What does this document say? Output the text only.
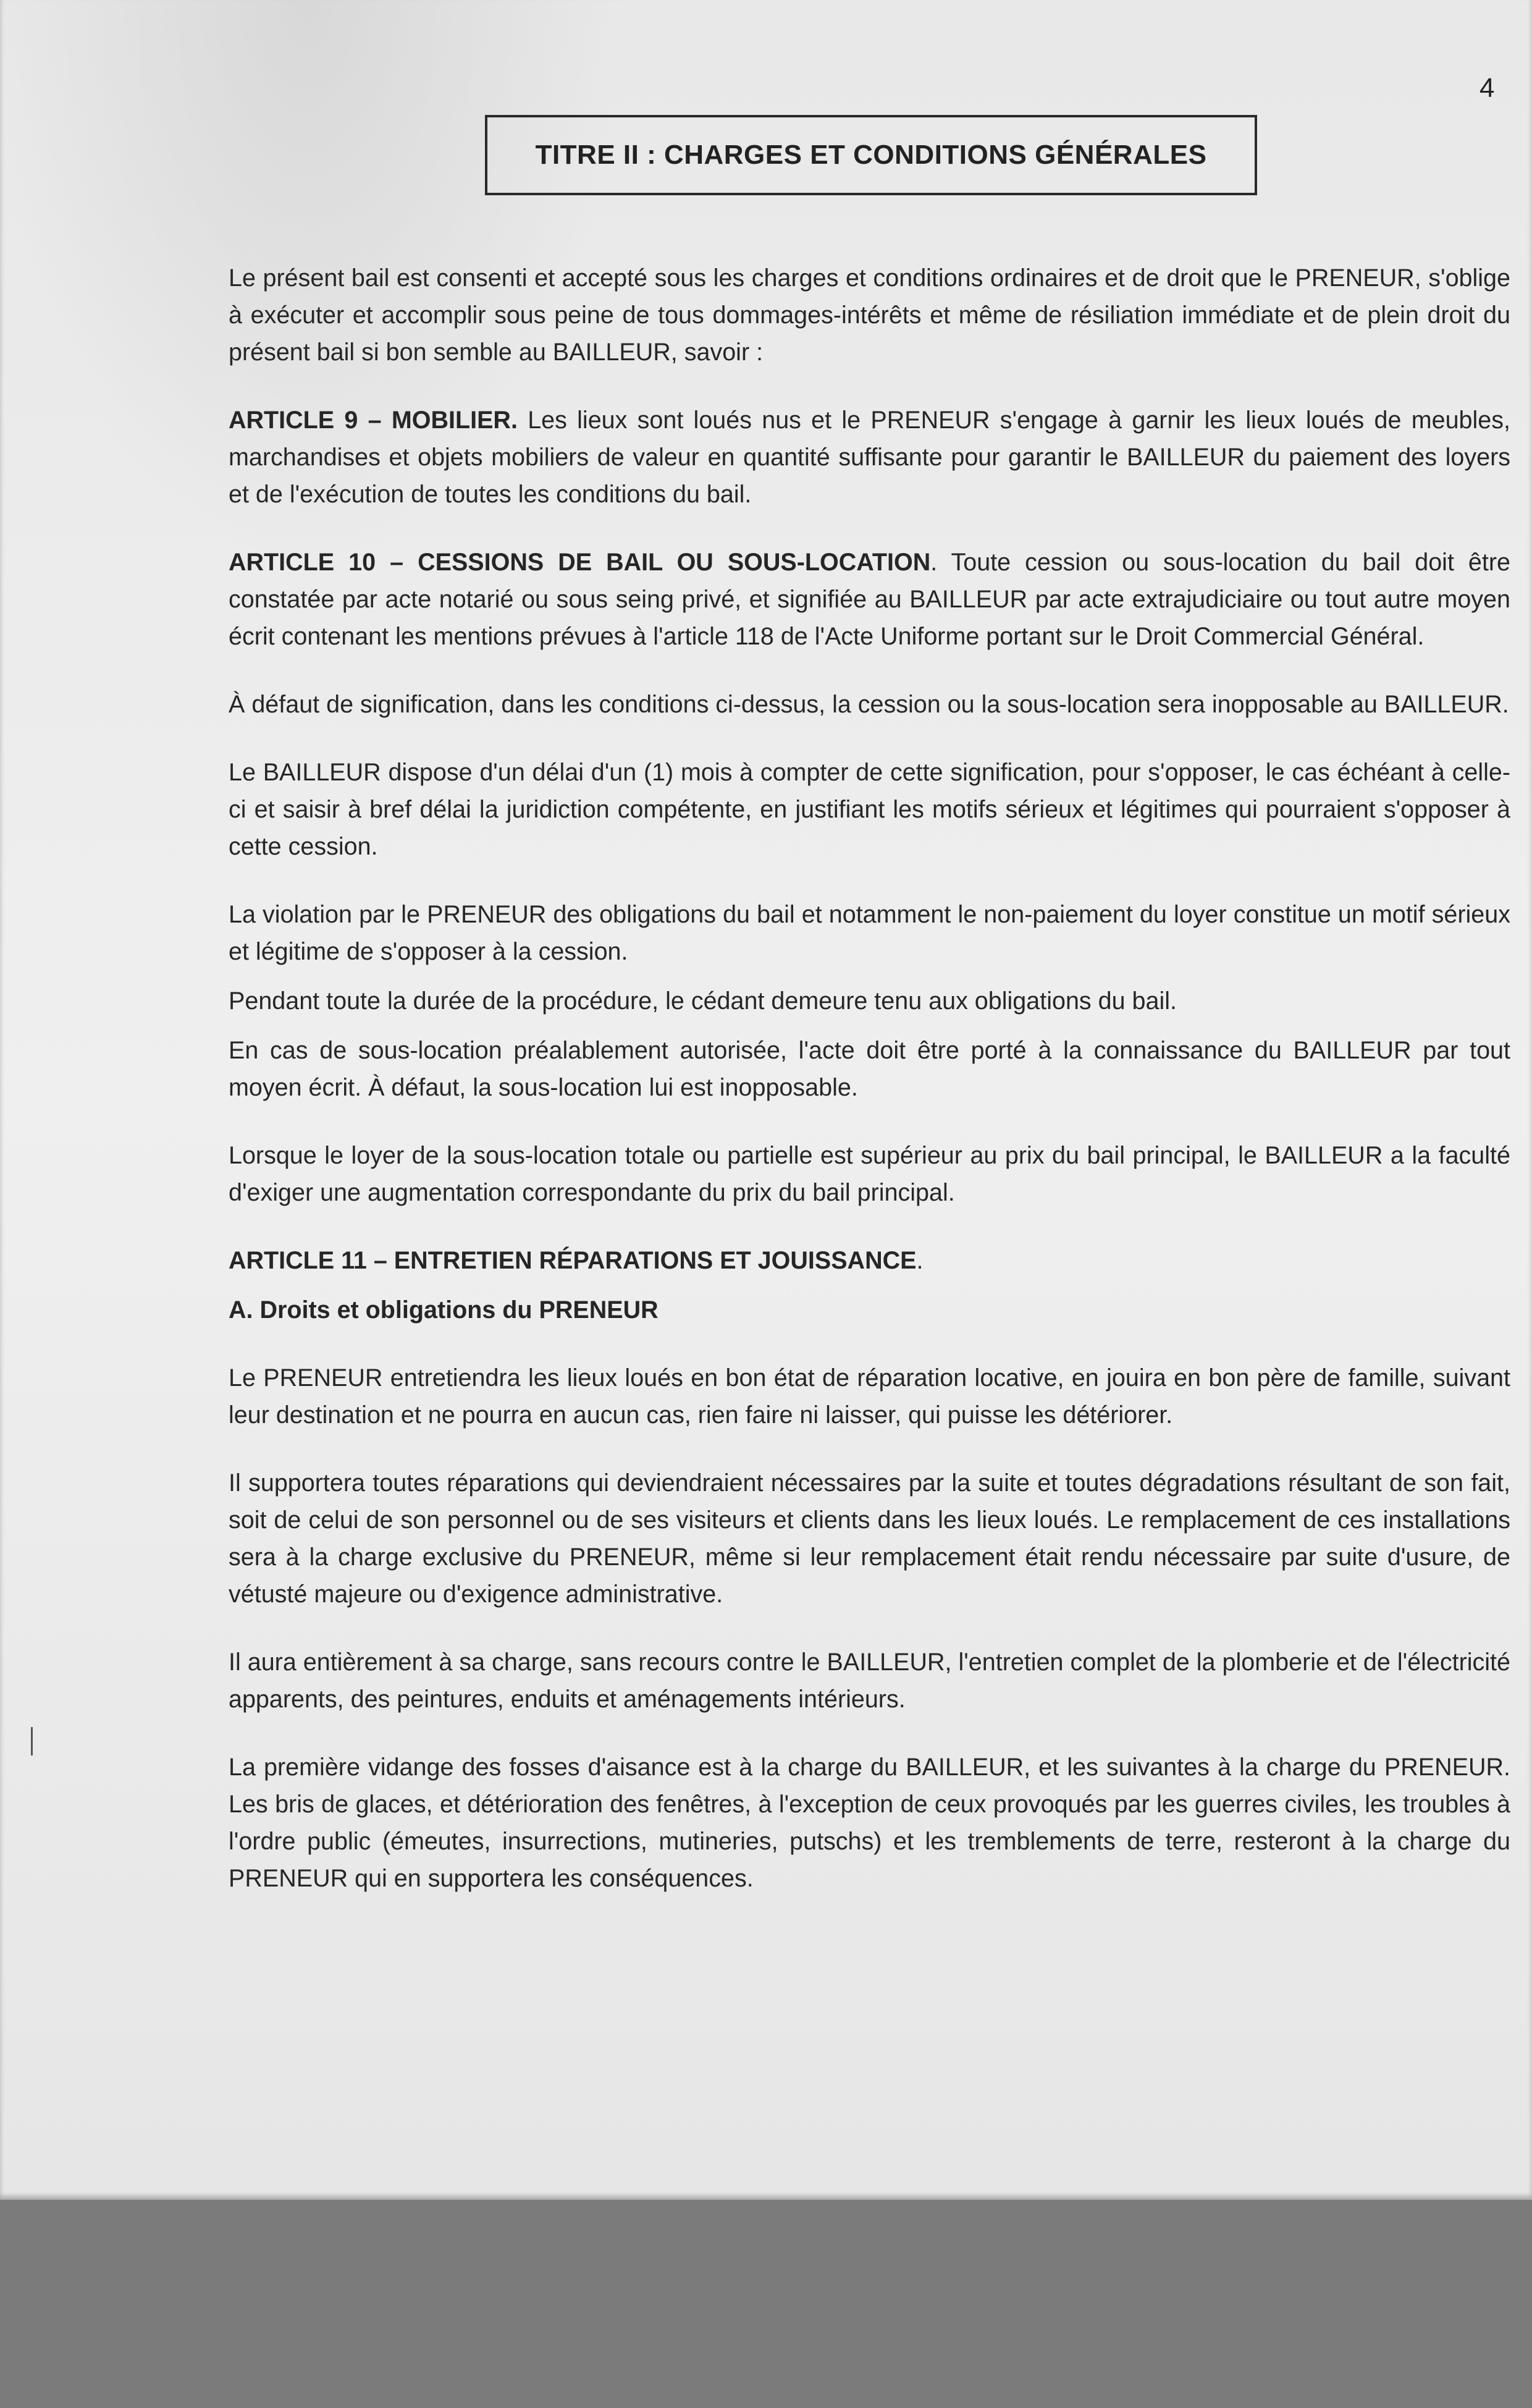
4
TITRE II : CHARGES ET CONDITIONS GÉNÉRALES

Le présent bail est consenti et accepté sous les charges et conditions ordinaires et de droit que le PRENEUR, s'oblige à exécuter et accomplir sous peine de tous dommages-intérêts et même de résiliation immédiate et de plein droit du présent bail si bon semble au BAILLEUR, savoir :

ARTICLE 9 – MOBILIER. Les lieux sont loués nus et le PRENEUR s'engage à garnir les lieux loués de meubles, marchandises et objets mobiliers de valeur en quantité suffisante pour garantir le BAILLEUR du paiement des loyers et de l'exécution de toutes les conditions du bail.

ARTICLE 10 – CESSIONS DE BAIL OU SOUS-LOCATION. Toute cession ou sous-location du bail doit être constatée par acte notarié ou sous seing privé, et signifiée au BAILLEUR par acte extrajudiciaire ou tout autre moyen écrit contenant les mentions prévues à l'article 118 de l'Acte Uniforme portant sur le Droit Commercial Général.

À défaut de signification, dans les conditions ci-dessus, la cession ou la sous-location sera inopposable au BAILLEUR.

Le BAILLEUR dispose d'un délai d'un (1) mois à compter de cette signification, pour s'opposer, le cas échéant à celle-ci et saisir à bref délai la juridiction compétente, en justifiant les motifs sérieux et légitimes qui pourraient s'opposer à cette cession.

La violation par le PRENEUR des obligations du bail et notamment le non-paiement du loyer constitue un motif sérieux et légitime de s'opposer à la cession.

Pendant toute la durée de la procédure, le cédant demeure tenu aux obligations du bail.

En cas de sous-location préalablement autorisée, l'acte doit être porté à la connaissance du BAILLEUR par tout moyen écrit. À défaut, la sous-location lui est inopposable.

Lorsque le loyer de la sous-location totale ou partielle est supérieur au prix du bail principal, le BAILLEUR a la faculté d'exiger une augmentation correspondante du prix du bail principal.

ARTICLE 11 – ENTRETIEN RÉPARATIONS ET JOUISSANCE.

A. Droits et obligations du PRENEUR

Le PRENEUR entretiendra les lieux loués en bon état de réparation locative, en jouira en bon père de famille, suivant leur destination et ne pourra en aucun cas, rien faire ni laisser, qui puisse les détériorer.

Il supportera toutes réparations qui deviendraient nécessaires par la suite et toutes dégradations résultant de son fait, soit de celui de son personnel ou de ses visiteurs et clients dans les lieux loués. Le remplacement de ces installations sera à la charge exclusive du PRENEUR, même si leur remplacement était rendu nécessaire par suite d'usure, de vétusté majeure ou d'exigence administrative.

Il aura entièrement à sa charge, sans recours contre le BAILLEUR, l'entretien complet de la plomberie et de l'électricité apparents, des peintures, enduits et aménagements intérieurs.

La première vidange des fosses d'aisance est à la charge du BAILLEUR, et les suivantes à la charge du PRENEUR. Les bris de glaces, et détérioration des fenêtres, à l'exception de ceux provoqués par les guerres civiles, les troubles à l'ordre public (émeutes, insurrections, mutineries, putschs) et les tremblements de terre, resteront à la charge du PRENEUR qui en supportera les conséquences.
